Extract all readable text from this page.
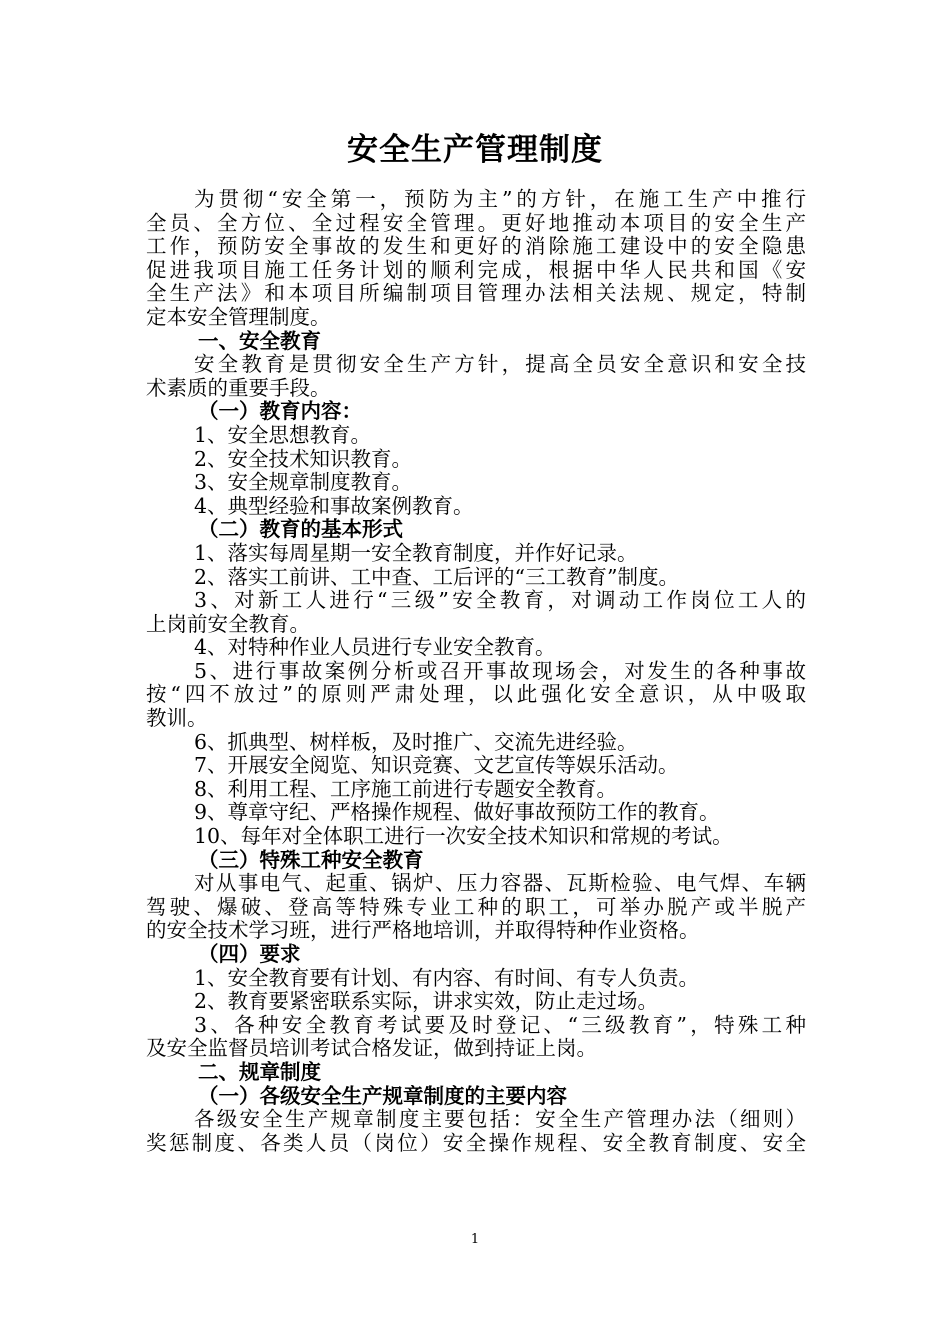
安全生产管理制度
为贯彻“安全第一，预防为主”的方针，在施工生产中推行
全员、全方位、全过程安全管理。更好地推动本项目的安全生产
工作，预防安全事故的发生和更好的消除施工建设中的安全隐患
促进我项目施工任务计划的顺利完成，根据中华人民共和国《安
全生产法》和本项目所编制项目管理办法相关法规、规定，特制
定本安全管理制度。
一、安全教育
安全教育是贯彻安全生产方针，提高全员安全意识和安全技
术素质的重要手段。
（一）教育内容：
1、安全思想教育。
2、安全技术知识教育。
3、安全规章制度教育。
4、典型经验和事故案例教育。
（二）教育的基本形式
1、落实每周星期一安全教育制度，并作好记录。
2、落实工前讲、工中查、工后评的“三工教育”制度。
3、对新工人进行“三级”安全教育，对调动工作岗位工人的
上岗前安全教育。
4、对特种作业人员进行专业安全教育。
5、进行事故案例分析或召开事故现场会，对发生的各种事故
按“四不放过”的原则严肃处理，以此强化安全意识，从中吸取
教训。
6、抓典型、树样板，及时推广、交流先进经验。
7、开展安全阅览、知识竞赛、文艺宣传等娱乐活动。
8、利用工程、工序施工前进行专题安全教育。
9、尊章守纪、严格操作规程、做好事故预防工作的教育。
10、每年对全体职工进行一次安全技术知识和常规的考试。
（三）特殊工种安全教育
对从事电气、起重、锅炉、压力容器、瓦斯检验、电气焊、车辆
驾驶、爆破、登高等特殊专业工种的职工，可举办脱产或半脱产
的安全技术学习班，进行严格地培训，并取得特种作业资格。
（四）要求
1、安全教育要有计划、有内容、有时间、有专人负责。
2、教育要紧密联系实际，讲求实效，防止走过场。
3、各种安全教育考试要及时登记、“三级教育”，特殊工种
及安全监督员培训考试合格发证，做到持证上岗。
二、规章制度
（一）各级安全生产规章制度的主要内容
各级安全生产规章制度主要包括：安全生产管理办法（细则）
奖惩制度、各类人员（岗位）安全操作规程、安全教育制度、安全
1
